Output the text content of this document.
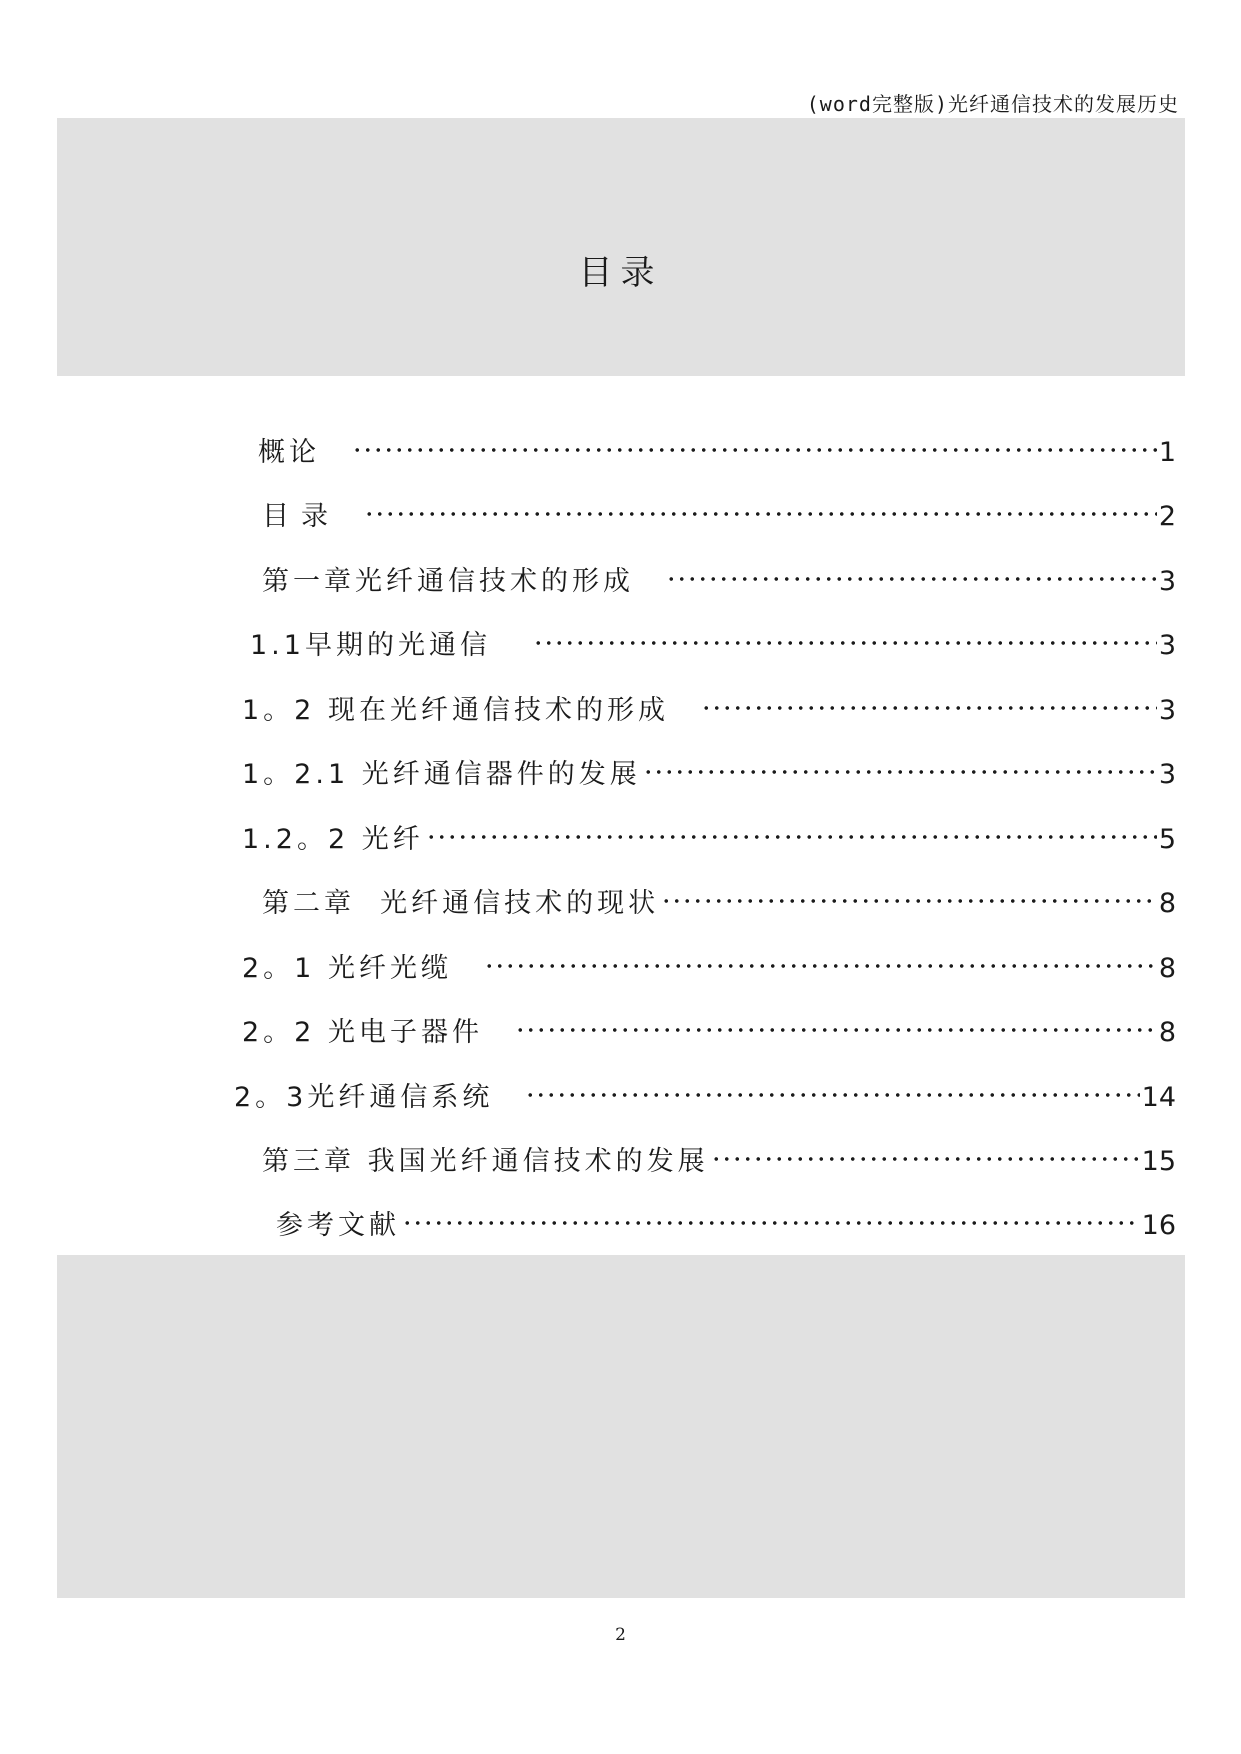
(word完整版)光纤通信技术的发展历史
目录
概论	1
目录	2
第一章光纤通信技术的形成	3
1.1早期的光通信	3
1。2 现在光纤通信技术的形成	3
1。2.1 光纤通信器件的发展	3
1.2。2 光纤	5
第二章  光纤通信技术的现状	8
2。1 光纤光缆	8
2。2 光电子器件	8
2。3光纤通信系统	14
第三章 我国光纤通信技术的发展	15
参考文献	16
2
